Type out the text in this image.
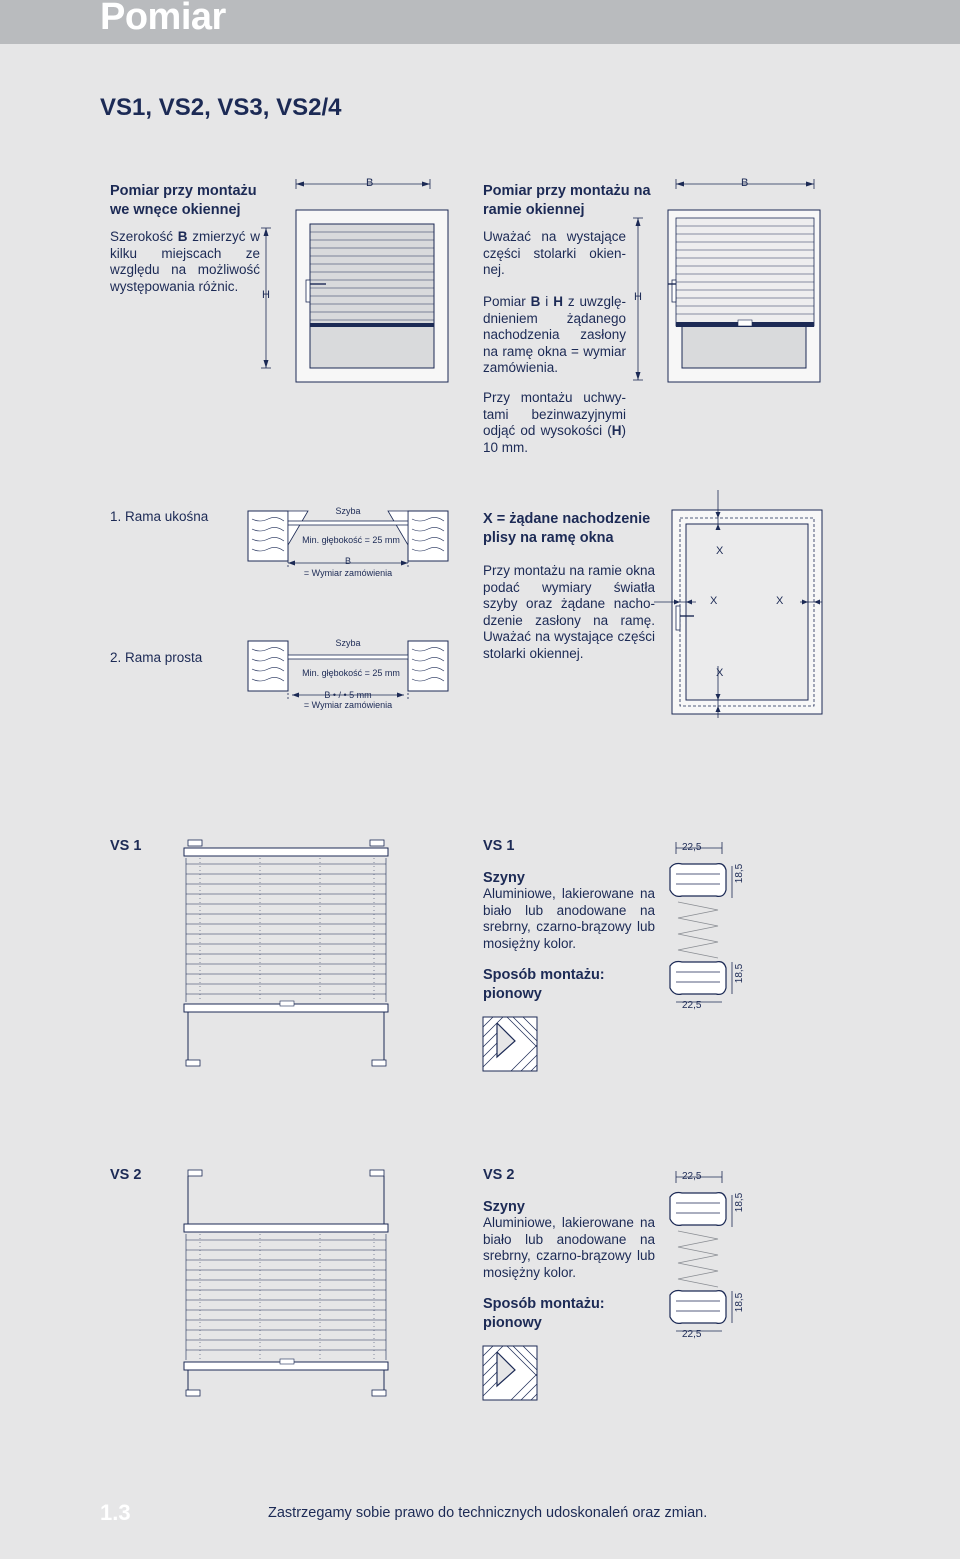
Pomiar
VS1, VS2, VS3, VS2/4
Pomiar przy montażu we wnęce okiennej
Szerokość B zmierzyć w kilku miejscach ze względu na możliwość występowania różnic.
B
H
Pomiar przy montażu na ramie okiennej
Uważać na wystające części stolarki okien- nej.
Pomiar B i H z uwzglę- dnieniem żądanego nachodzenia zasłony na ramę okna = wymiar zamówienia.
Przy montażu uchwy- tami bezinwazyjnymi odjąć od wysokości (H) 10 mm.
B
H
1. Rama ukośna
2. Rama prosta
Szyba
Min. głębokość = 25 mm
B
= Wymiar zamówienia
Szyba
Min. głębokość = 25 mm
B • / • 5 mm
= Wymiar zamówienia
X = żądane nachodzenie plisy na ramę okna
Przy montażu na ramie okna podać wymiary światła szyby oraz żądane nacho- dzenie zasłony na ramę. Uważać na wystające części stolarki okiennej.
X
X	X
X
VS 1	VS 1
Szyny
Aluminiowe, lakierowane na biało lub anodowane na srebrny, czarno-brązowy lub mosiężny kolor.
Sposób montażu: pionowy
22,5
18,5
22,5
18,5
VS 2	VS 2
Szyny
Aluminiowe, lakierowane na biało lub anodowane na srebrny, czarno-brązowy lub mosiężny kolor.
Sposób montażu: pionowy
22,5
18,5
22,5
18,5
1.3	Zastrzegamy sobie prawo do technicznych udoskonaleń oraz zmian.
